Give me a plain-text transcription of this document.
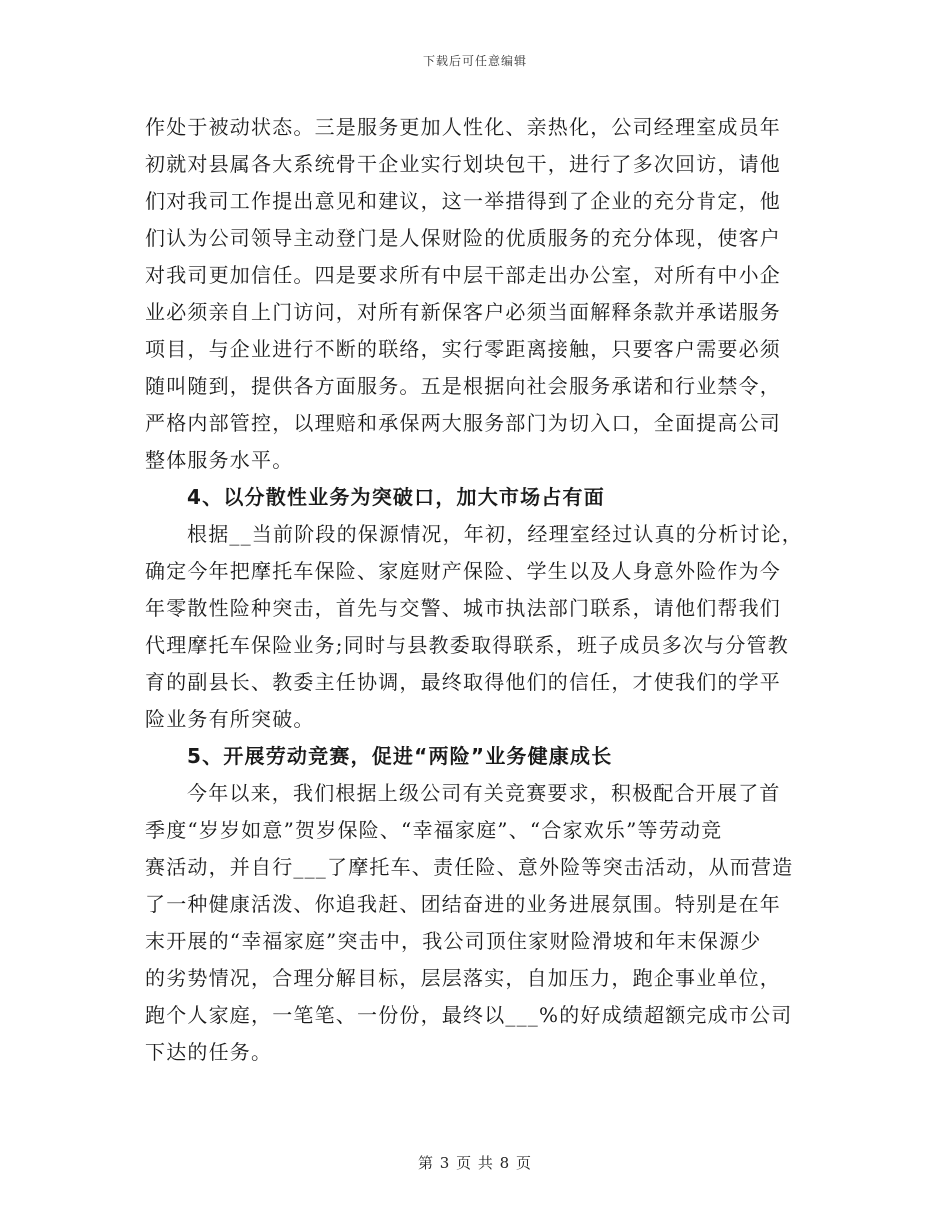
下载后可任意编辑

作处于被动状态。三是服务更加人性化、亲热化，公司经理室成员年
初就对县属各大系统骨干企业实行划块包干，进行了多次回访，请他
们对我司工作提出意见和建议，这一举措得到了企业的充分肯定，他
们认为公司领导主动登门是人保财险的优质服务的充分体现，使客户
对我司更加信任。四是要求所有中层干部走出办公室，对所有中小企
业必须亲自上门访问，对所有新保客户必须当面解释条款并承诺服务
项目，与企业进行不断的联络，实行零距离接触，只要客户需要必须
随叫随到，提供各方面服务。五是根据向社会服务承诺和行业禁令，
严格内部管控，以理赔和承保两大服务部门为切入口，全面提高公司
整体服务水平。

4、以分散性业务为突破口，加大市场占有面

根据__当前阶段的保源情况，年初，经理室经过认真的分析讨论，
确定今年把摩托车保险、家庭财产保险、学生以及人身意外险作为今
年零散性险种突击，首先与交警、城市执法部门联系，请他们帮我们
代理摩托车保险业务;同时与县教委取得联系，班子成员多次与分管教
育的副县长、教委主任协调，最终取得他们的信任，才使我们的学平
险业务有所突破。

5、开展劳动竞赛，促进“两险”业务健康成长

今年以来，我们根据上级公司有关竞赛要求，积极配合开展了首
季度“岁岁如意”贺岁保险、“幸福家庭”、“合家欢乐”等劳动竞
赛活动，并自行___了摩托车、责任险、意外险等突击活动，从而营造
了一种健康活泼、你追我赶、团结奋进的业务进展氛围。特别是在年
末开展的“幸福家庭”突击中，我公司顶住家财险滑坡和年末保源少
的劣势情况，合理分解目标，层层落实，自加压力，跑企事业单位，
跑个人家庭，一笔笔、一份份，最终以___%的好成绩超额完成市公司
下达的任务。

第 3 页 共 8 页
